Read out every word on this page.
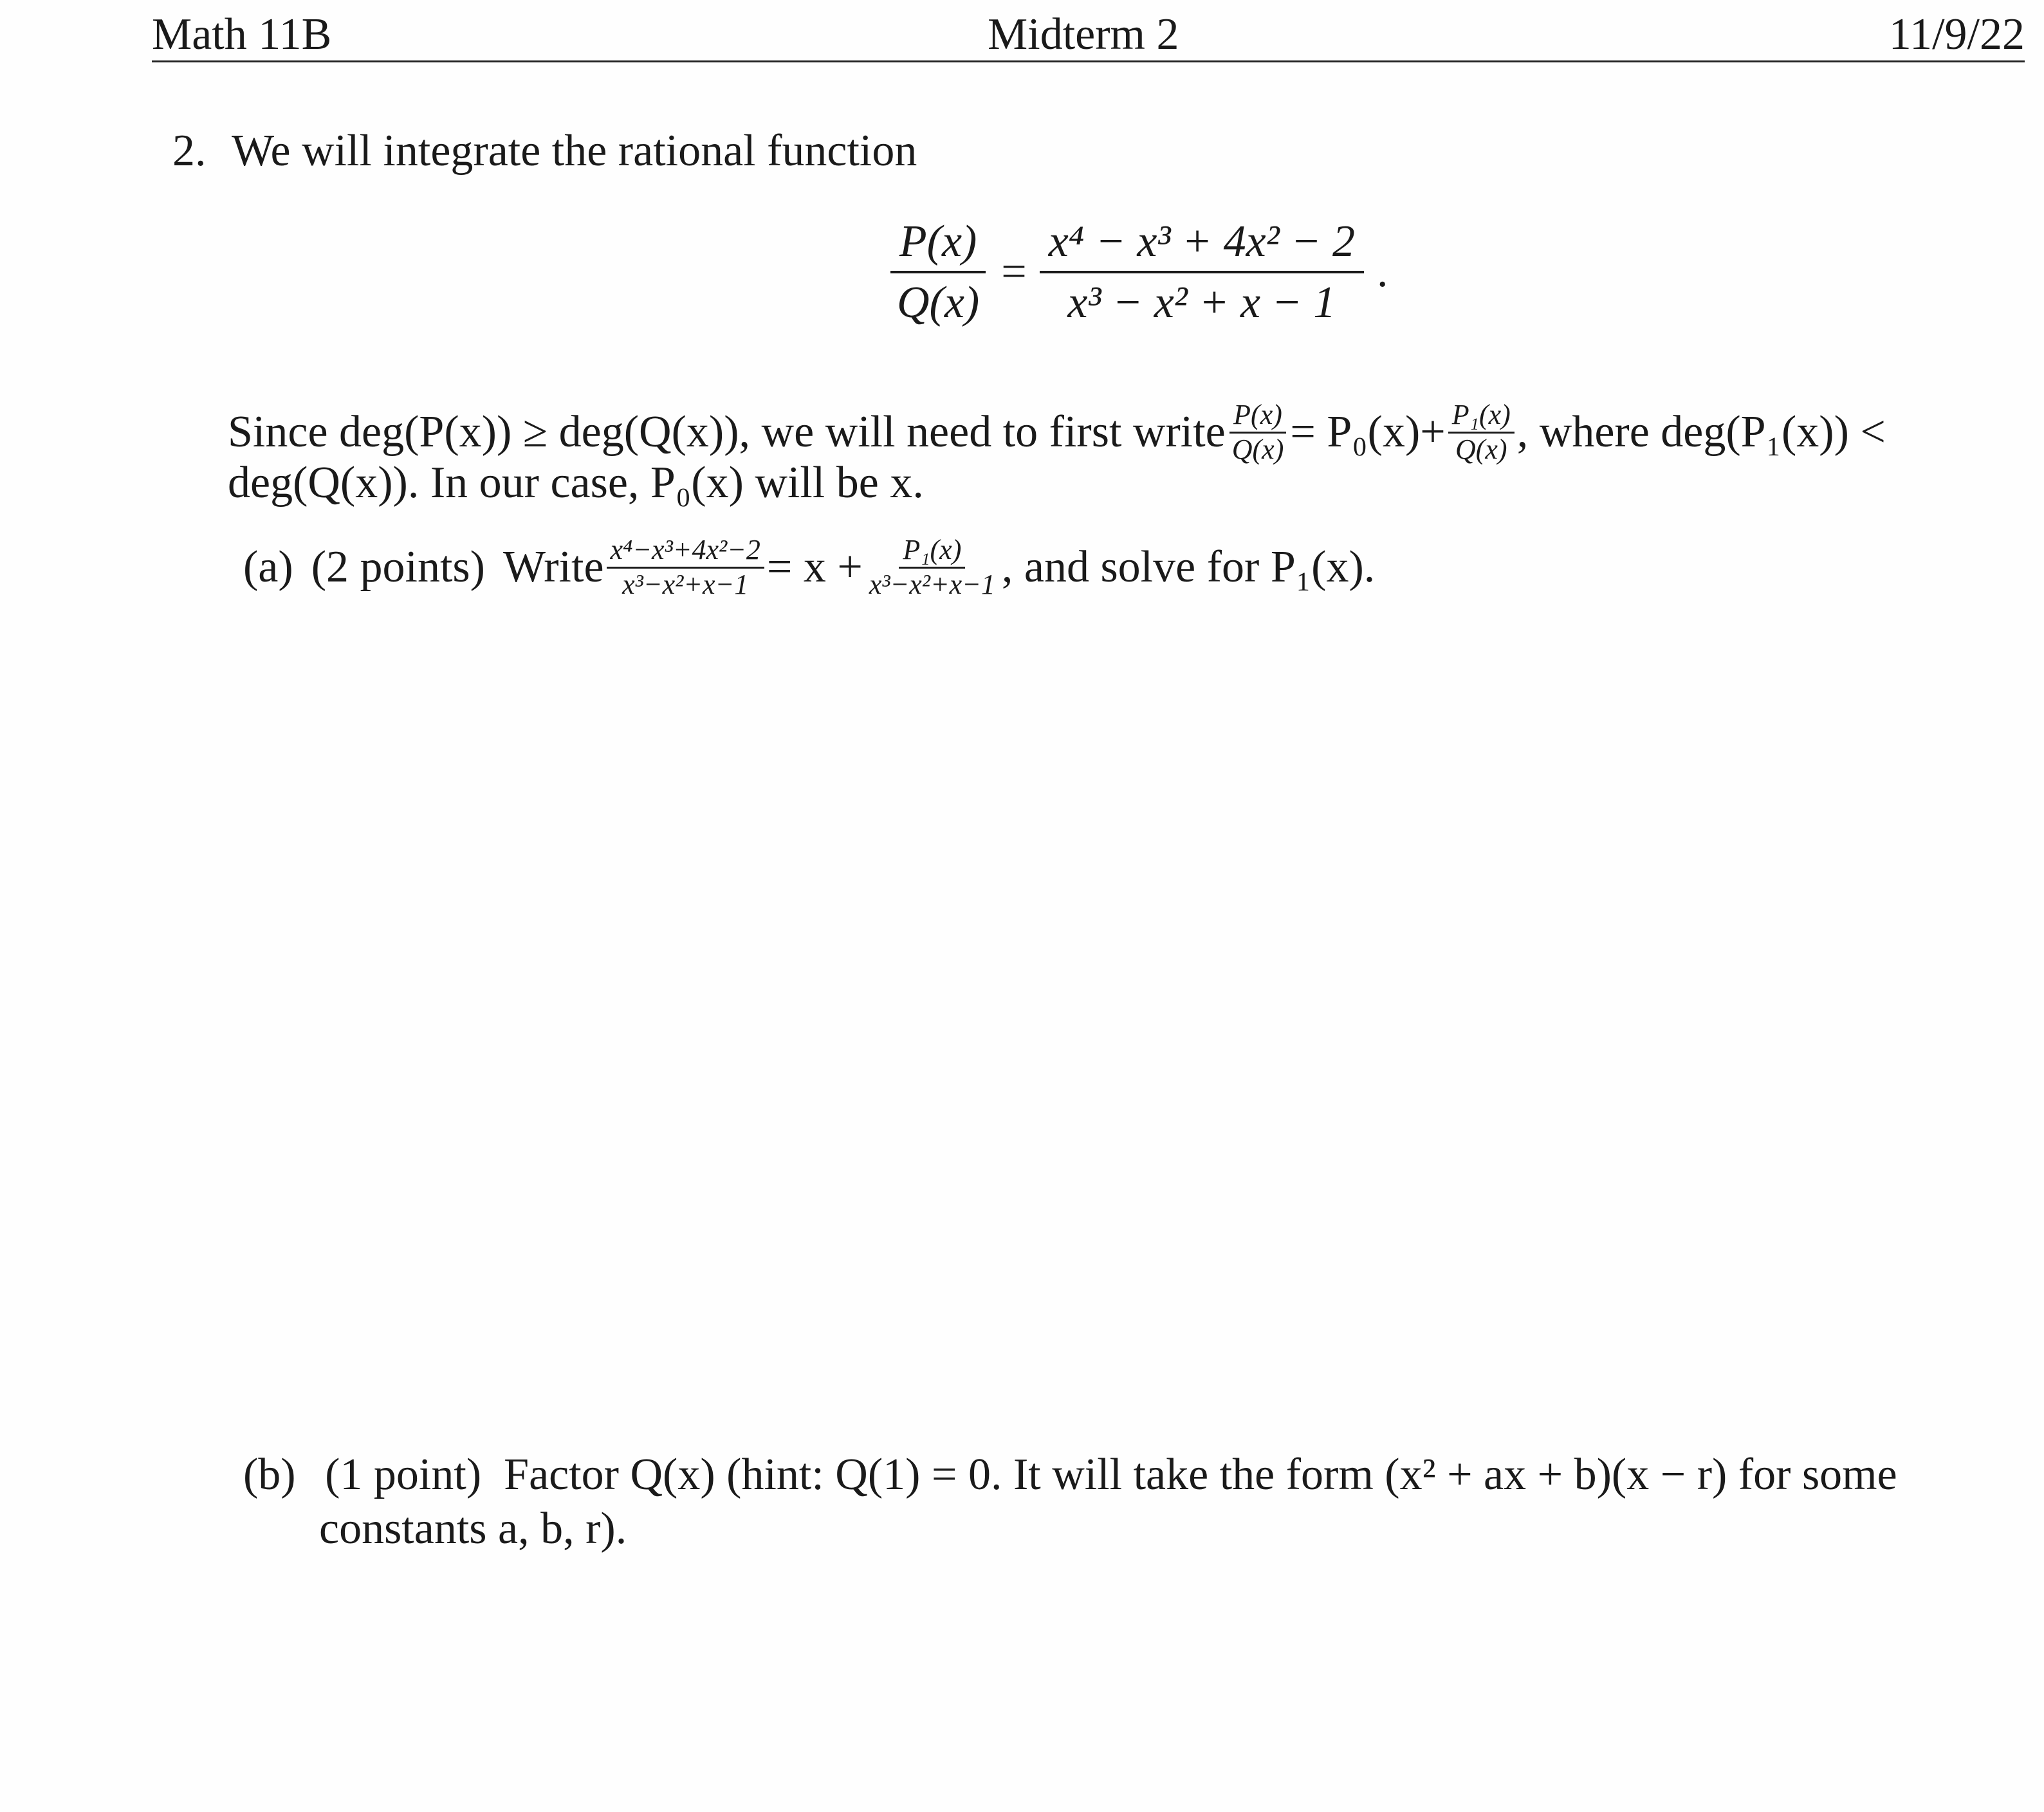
Math 11B	Midterm 2	11/9/22
2. We will integrate the rational function
$\frac{P(x)}{Q(x)} = \frac{\text{x⁴ − x³ + 4x² − 2}}{\text{x³ − x² + x − 1}}$ .
Since deg(P(x)) ≥ deg(Q(x)), we will need to first write $\frac{P(x)}{Q(x)} = P_0(x)+ \frac{\text{P₁(x)}}{Q(x)}$ , where deg(P₁(x)) <
deg(Q(x)). In our case, P₀(x) will be x.
(a) (2 points) Write $\frac{\text{x⁴−x³+4x²−2}}{\text{x³−x²+x−1}} = x + \frac{\text{P₁(x)}}{\text{x³−x²+x−1}}$ , and solve for P₁(x).
(b) (1 point)  Factor Q(x) (hint: Q(1) = 0. It will take the form (x² + ax + b)(x − r) for some
constants a, b, r).
